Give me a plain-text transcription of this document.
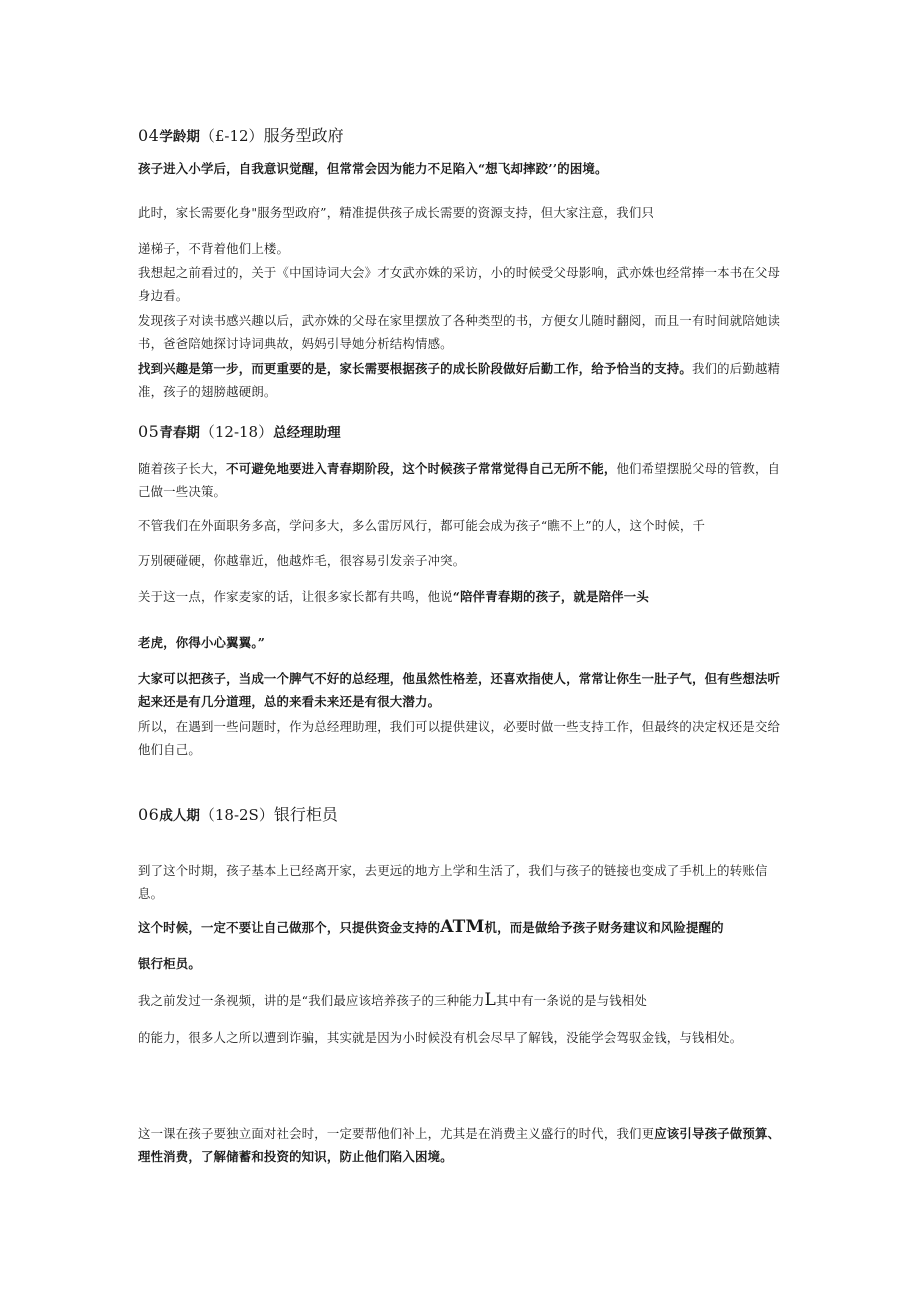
04学龄期（£-12）服务型政府

孩子进入小学后，自我意识觉醒，但常常会因为能力不足陷入“想飞却摔跤’’的困境。

此时，家长需要化身"服务型政府”，精准提供孩子成长需要的资源支持，但大家注意，我们只

递梯子，不背着他们上楼。

我想起之前看过的，关于《中国诗词大会》才女武亦姝的采访，小的时候受父母影响，武亦姝也经常捧一本书在父母身边看。

发现孩子对读书感兴趣以后，武亦姝的父母在家里摆放了各种类型的书，方便女儿随时翻阅，而且一有时间就陪她读书，爸爸陪她探讨诗词典故，妈妈引导她分析结构情感。

找到兴趣是第一步，而更重要的是，家长需要根据孩子的成长阶段做好后勤工作，给予恰当的支持。我们的后勤越精准，孩子的翅膀越硬朗。

05青春期（12-18）总经理助理

随着孩子长大，不可避免地要进入青春期阶段，这个时候孩子常常觉得自己无所不能，他们希望摆脱父母的管教，自己做一些决策。

不管我们在外面职务多高，学问多大，多么雷厉风行，都可能会成为孩子“瞧不上”的人，这个时候，千

万别硬碰硬，你越靠近，他越炸毛，很容易引发亲子冲突。

关于这一点，作家麦家的话，让很多家长都有共鸣，他说“陪伴青春期的孩子，就是陪伴一头

老虎，你得小心翼翼。”

大家可以把孩子，当成一个脾气不好的总经理，他虽然性格差，还喜欢指使人，常常让你生一肚子气，但有些想法听起来还是有几分道理，总的来看未来还是有很大潜力。

所以，在遇到一些问题时，作为总经理助理，我们可以提供建议，必要时做一些支持工作，但最终的决定权还是交给他们自己。

06成人期（18-2S）银行柜员

到了这个时期，孩子基本上已经离开家，去更远的地方上学和生活了，我们与孩子的链接也变成了手机上的转账信息。

这个时候，一定不要让自己做那个，只提供资金支持的ATM机，而是做给予孩子财务建议和风险提醒的

银行柜员。

我之前发过一条视频，讲的是“我们最应该培养孩子的三种能力L其中有一条说的是与钱相处

的能力，很多人之所以遭到诈骗，其实就是因为小时候没有机会尽早了解钱，没能学会驾驭金钱，与钱相处。

这一课在孩子要独立面对社会时，一定要帮他们补上，尤其是在消费主义盛行的时代，我们更应该引导孩子做预算、理性消费，了解储蓄和投资的知识，防止他们陷入困境。
